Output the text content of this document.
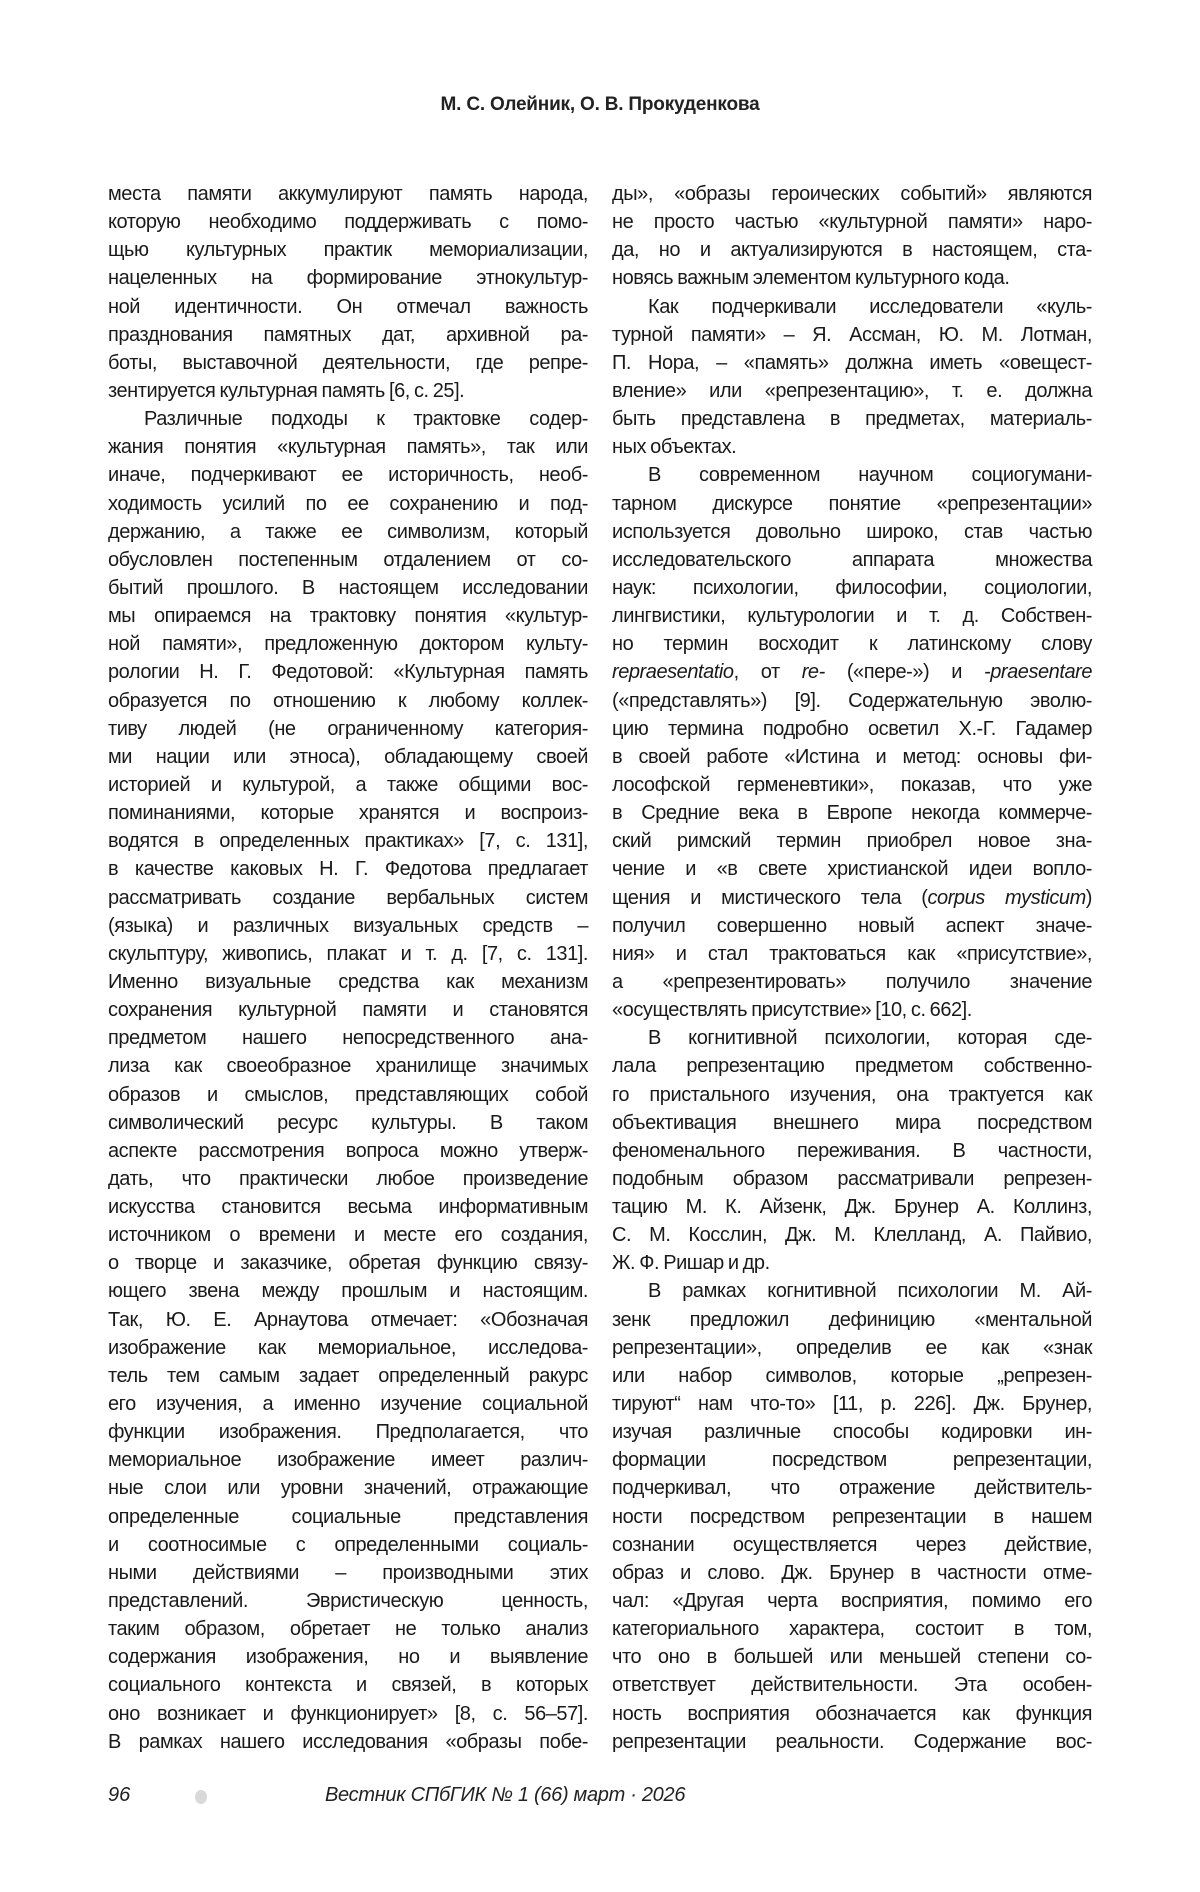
М. С. Олейник, О. В. Прокуденкова
места памяти аккумулируют память народа,
которую необходимо поддерживать с помо-
щью культурных практик мемориализации,
нацеленных на формирование этнокультур-
ной идентичности. Он отмечал важность
празднования памятных дат, архивной ра-
боты, выставочной деятельности, где репре-
зентируется культурная память [6, с. 25].
Различные подходы к трактовке содер-
жания понятия «культурная память», так или
иначе, подчеркивают ее историчность, необ-
ходимость усилий по ее сохранению и под-
держанию, а также ее символизм, который
обусловлен постепенным отдалением от со-
бытий прошлого. В настоящем исследовании
мы опираемся на трактовку понятия «культур-
ной памяти», предложенную доктором культу-
рологии Н. Г. Федотовой: «Культурная память
образуется по отношению к любому коллек-
тиву людей (не ограниченному категория-
ми нации или этноса), обладающему своей
историей и культурой, а также общими вос-
поминаниями, которые хранятся и воспроиз-
водятся в определенных практиках» [7, с. 131],
в качестве каковых Н. Г. Федотова предлагает
рассматривать создание вербальных систем
(языка) и различных визуальных средств –
скульптуру, живопись, плакат и т. д. [7, с. 131].
Именно визуальные средства как механизм
сохранения культурной памяти и становятся
предметом нашего непосредственного ана-
лиза как своеобразное хранилище значимых
образов и смыслов, представляющих собой
символический ресурс культуры. В таком
аспекте рассмотрения вопроса можно утверж-
дать, что практически любое произведение
искусства становится весьма информативным
источником о времени и месте его создания,
о творце и заказчике, обретая функцию связу-
ющего звена между прошлым и настоящим.
Так, Ю. Е. Арнаутова отмечает: «Обозначая
изображение как мемориальное, исследова-
тель тем самым задает определенный ракурс
его изучения, а именно изучение социальной
функции изображения. Предполагается, что
мемориальное изображение имеет различ-
ные слои или уровни значений, отражающие
определенные социальные представления
и соотносимые с определенными социаль-
ными действиями – производными этих
представлений. Эвристическую ценность,
таким образом, обретает не только анализ
содержания изображения, но и выявление
социального контекста и связей, в которых
оно возникает и функционирует» [8, с. 56–57].
В рамках нашего исследования «образы побе-
ды», «образы героических событий» являются
не просто частью «культурной памяти» наро-
да, но и актуализируются в настоящем, ста-
новясь важным элементом культурного кода.
Как подчеркивали исследователи «куль-
турной памяти» – Я. Ассман, Ю. М. Лотман,
П. Нора, – «память» должна иметь «овещест-
вление» или «репрезентацию», т. е. должна
быть представлена в предметах, материаль-
ных объектах.
В современном научном социогумани-
тарном дискурсе понятие «репрезентации»
используется довольно широко, став частью
исследовательского аппарата множества
наук: психологии, философии, социологии,
лингвистики, культурологии и т. д. Собствен-
но термин восходит к латинскому слову
repraesentatio, от re- («пере-») и -praesentare
(«представлять») [9]. Содержательную эволю-
цию термина подробно осветил Х.-Г. Гадамер
в своей работе «Истина и метод: основы фи-
лософской герменевтики», показав, что уже
в Средние века в Европе некогда коммерче-
ский римский термин приобрел новое зна-
чение и «в свете христианской идеи вопло-
щения и мистического тела (corpus mysticum)
получил совершенно новый аспект значе-
ния» и стал трактоваться как «присутствие»,
а «репрезентировать» получило значение
«осуществлять присутствие» [10, с. 662].
В когнитивной психологии, которая сде-
лала репрезентацию предметом собственно-
го пристального изучения, она трактуется как
объективация внешнего мира посредством
феноменального переживания. В частности,
подобным образом рассматривали репрезен-
тацию М. К. Айзенк, Дж. Брунер А. Коллинз,
С. М. Косслин, Дж. М. Клелланд, А. Пайвио,
Ж. Ф. Ришар и др.
В рамках когнитивной психологии М. Ай-
зенк предложил дефиницию «ментальной
репрезентации», определив ее как «знак
или набор символов, которые „репрезен-
тируют“ нам что-то» [11, p. 226]. Дж. Брунер,
изучая различные способы кодировки ин-
формации посредством репрезентации,
подчеркивал, что отражение действитель-
ности посредством репрезентации в нашем
сознании осуществляется через действие,
образ и слово. Дж. Брунер в частности отме-
чал: «Другая черта восприятия, помимо его
категориального характера, состоит в том,
что оно в большей или меньшей степени со-
ответствует действительности. Эта особен-
ность восприятия обозначается как функция
репрезентации реальности. Содержание вос-
96	Вестник СПбГИК № 1 (66) март · 2026
